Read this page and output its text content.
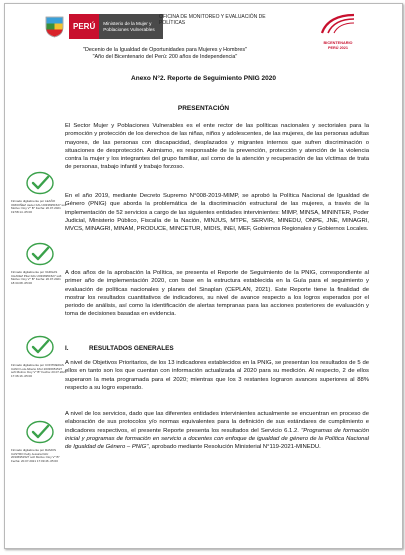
PERÚ	Ministerio de la Mujer y Poblaciones Vulnerables
OFICINA DE MONITOREO Y EVALUACIÓN DE POLÍTICAS
BICENTENARIO
PERÚ 2021
"Decenio de la Igualdad de Oportunidades para Mujeres y Hombres"
"Año del Bicentenario del Perú: 200 años de Independencia"
Anexo N°2. Reporte de Seguimiento PNIG 2020
PRESENTACIÓN

El Sector Mujer y Poblaciones Vulnerables es el ente rector de las políticas nacionales y sectoriales para la promoción y protección de los derechos de las niñas, niños y adolescentes, de las mujeres, de las personas adultas mayores, de las personas con discapacidad, desplazados y migrantes internos que sufren discriminación o situaciones de desprotección. Asimismo, es responsable de la prevención, protección y atención de la violencia contra la mujer y los integrantes del grupo familiar, así como de la atención y recuperación de las víctimas de trata de personas, trabajo infantil y trabajo forzoso.

En el año 2019, mediante Decreto Supremo N°008-2019-MIMP, se aprobó la Política Nacional de Igualdad de Género (PNIG) que aborda la problemática de la discriminación estructural de las mujeres, a través de la implementación de 52 servicios a cargo de las siguientes entidades intervinientes: MIMP, MINSA, MININTER, Poder Judicial, Ministerio Público, Fiscalía de la Nación, MINJUS, MTPE, SERVIR, MINEDU, ONPE, JNE, MINAGRI, MVCS, MINAGRI, MINAM, PRODUCE, MINCETUR, MIDIS, INEI, MEF, Gobiernos Regionales y Gobiernos Locales.

A dos años de la aprobación la Política, se presenta el Reporte de Seguimiento de la PNIG, correspondiente al primer año de implementación 2020, con base en la estructura establecida en la Guía para el seguimiento y evaluación de políticas nacionales y planes del Sinaplan (CEPLAN, 2021). Este Reporte tiene la finalidad de mostrar los resultados cuantitativos de indicadores, su nivel de avance respecto a los logros esperados por el periodo de análisis, así como la identificación de alertas tempranas para las acciones posteriores de evaluación y toma de decisiones basadas en evidencia.

I.	RESULTADOS GENERALES

A nivel de Objetivos Prioritarios, de los 13 indicadores establecidos en la PNIG, se presentan los resultados de 5 de ellos en tanto son los que cuentan con información actualizada al 2020 para su medición. Al respecto, 2 de ellos superaron la meta programada para el 2020; mientras que los 3 restantes lograron avances superiores al 88% respecto a su logro esperado.

A nivel de los servicios, dado que las diferentes entidades intervinientes actualmente se encuentran en proceso de elaboración de sus protocolos y/o normas equivalentes para la definición de sus estándares de cumplimiento e indicadores respectivos, el presente Reporte presenta los resultados del Servicio 6.1.2. "Programas de formación inicial y programas de formación en servicio a docentes con enfoque de igualdad de género de la Política Nacional de Igualdad de Género – PNIG", aprobado mediante Resolución Ministerial N°119-2021-MINEDU.

Firmado digitalmente por LEAÑO ORDOÑEZ Javier FAU 20336951527 soft Motivo: Doy V° B° Fecha: 20.07.2021 19:58:14 -05:00
Firmado digitalmente por VARGAS CHAVEZ Pilar FAU 20336951527 soft Motivo: Doy V° B° Fecha: 20.07.2021 18:34:08 -05:00
Firmado digitalmente por CONTRERAS CANO Luis Alberto FAU 20336951527 soft Motivo: Doy V° B° Fecha: 20.07.2021 17:36:16 -05:00
Firmado digitalmente por RAMOS CASTRO Kelly Jessica FAU 20336951527 soft Motivo: Doy V° B° Fecha: 20.07.2021 17:09:46 -05:00
